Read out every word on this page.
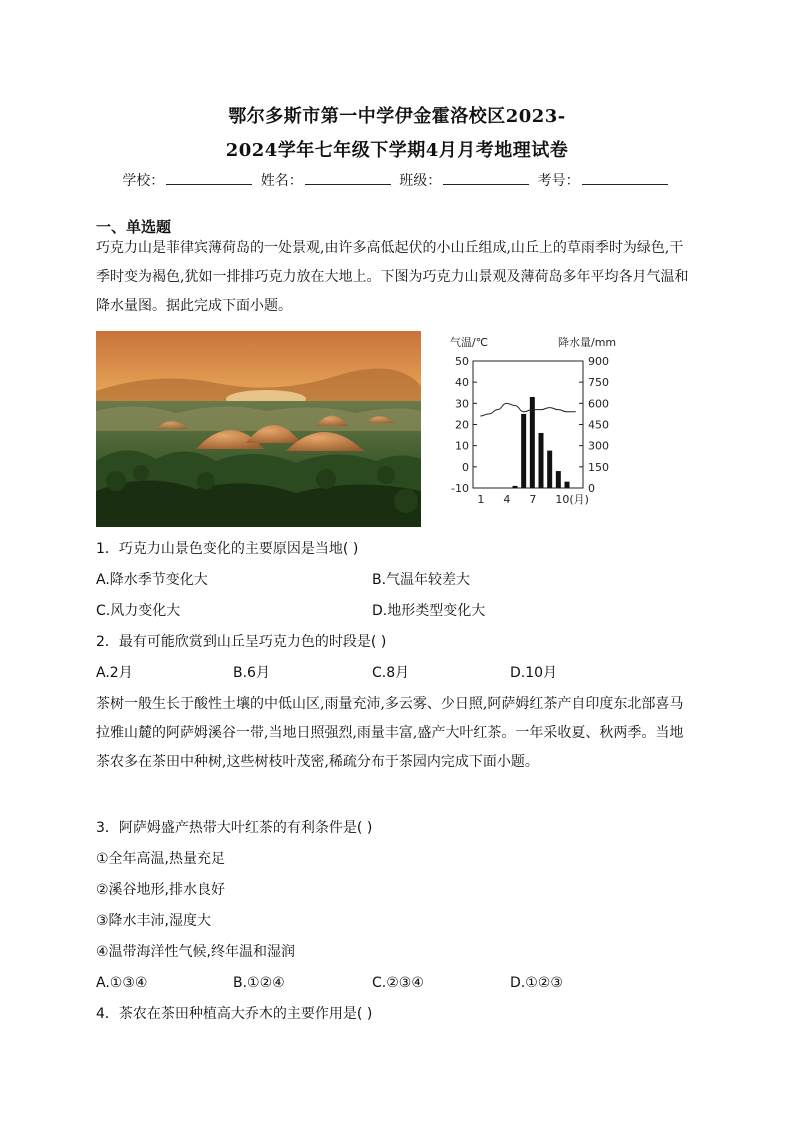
鄂尔多斯市第一中学伊金霍洛校区2023-
2024学年七年级下学期4月月考地理试卷
学校：	姓名：	班级：	考号：
一、单选题
巧克力山是菲律宾薄荷岛的一处景观,由许多高低起伏的小山丘组成,山丘上的草雨季时为绿色,干季时变为褐色,犹如一排排巧克力放在大地上。下图为巧克力山景观及薄荷岛多年平均各月气温和降水量图。据此完成下面小题。
气温/℃	降水量/mm
50
40
30
20
10
0
-10
900
750
600
450
300
150
0
1 4 7 10(月)
1．巧克力山景色变化的主要原因是当地( )
A.降水季节变化大	B.气温年较差大
C.风力变化大	D.地形类型变化大
2．最有可能欣赏到山丘呈巧克力色的时段是( )
A.2月	B.6月	C.8月	D.10月
茶树一般生长于酸性土壤的中低山区,雨量充沛,多云雾、少日照,阿萨姆红茶产自印度东北部喜马拉雅山麓的阿萨姆溪谷一带,当地日照强烈,雨量丰富,盛产大叶红茶。一年采收夏、秋两季。当地茶农多在茶田中种树,这些树枝叶茂密,稀疏分布于茶园内完成下面小题。
3．阿萨姆盛产热带大叶红茶的有利条件是( )
①全年高温,热量充足
②溪谷地形,排水良好
③降水丰沛,湿度大
④温带海洋性气候,终年温和湿润
A.①③④	B.①②④	C.②③④	D.①②③
4．茶农在茶田种植高大乔木的主要作用是( )
